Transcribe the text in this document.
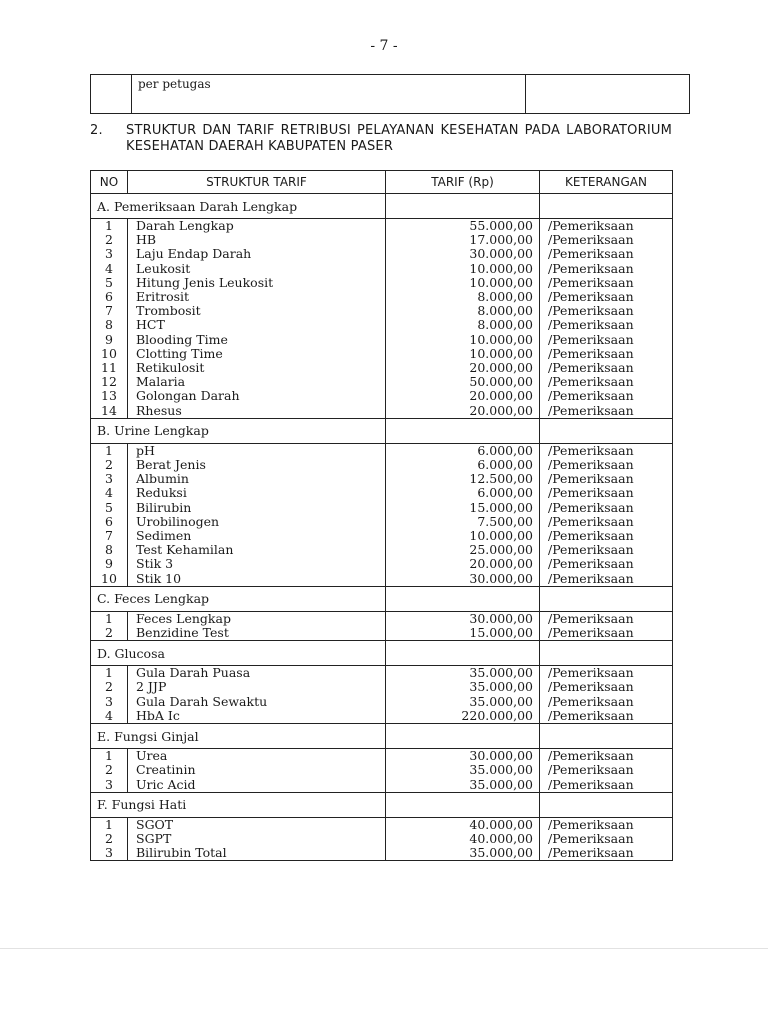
- 7 -
	per petugas	
2. STRUKTUR DAN TARIF RETRIBUSI PELAYANAN KESEHATAN PADA LABORATORIUM KESEHATAN DAERAH KABUPATEN PASER
NO	STRUKTUR TARIF	TARIF (Rp)	KETERANGAN
A. Pemeriksaan Darah Lengkap			
1	Darah Lengkap	55.000,00	/Pemeriksaan
2	HB	17.000,00	/Pemeriksaan
3	Laju Endap Darah	30.000,00	/Pemeriksaan
4	Leukosit	10.000,00	/Pemeriksaan
5	Hitung Jenis Leukosit	10.000,00	/Pemeriksaan
6	Eritrosit	8.000,00	/Pemeriksaan
7	Trombosit	8.000,00	/Pemeriksaan
8	HCT	8.000,00	/Pemeriksaan
9	Blooding Time	10.000,00	/Pemeriksaan
10	Clotting Time	10.000,00	/Pemeriksaan
11	Retikulosit	20.000,00	/Pemeriksaan
12	Malaria	50.000,00	/Pemeriksaan
13	Golongan Darah	20.000,00	/Pemeriksaan
14	Rhesus	20.000,00	/Pemeriksaan
B. Urine Lengkap			
1	pH	6.000,00	/Pemeriksaan
2	Berat Jenis	6.000,00	/Pemeriksaan
3	Albumin	12.500,00	/Pemeriksaan
4	Reduksi	6.000,00	/Pemeriksaan
5	Bilirubin	15.000,00	/Pemeriksaan
6	Urobilinogen	7.500,00	/Pemeriksaan
7	Sedimen	10.000,00	/Pemeriksaan
8	Test Kehamilan	25.000,00	/Pemeriksaan
9	Stik 3	20.000,00	/Pemeriksaan
10	Stik 10	30.000,00	/Pemeriksaan
C. Feces Lengkap			
1	Feces Lengkap	30.000,00	/Pemeriksaan
2	Benzidine Test	15.000,00	/Pemeriksaan
D. Glucosa			
1	Gula Darah Puasa	35.000,00	/Pemeriksaan
2	2 JJP	35.000,00	/Pemeriksaan
3	Gula Darah Sewaktu	35.000,00	/Pemeriksaan
4	HbA Ic	220.000,00	/Pemeriksaan
E. Fungsi Ginjal			
1	Urea	30.000,00	/Pemeriksaan
2	Creatinin	35.000,00	/Pemeriksaan
3	Uric Acid	35.000,00	/Pemeriksaan
F. Fungsi Hati			
1	SGOT	40.000,00	/Pemeriksaan
2	SGPT	40.000,00	/Pemeriksaan
3	Bilirubin Total	35.000,00	/Pemeriksaan
